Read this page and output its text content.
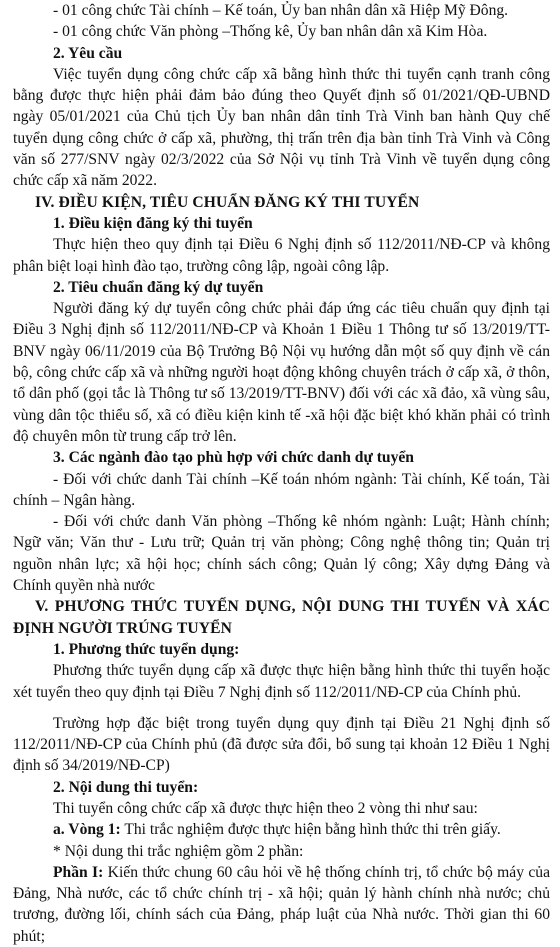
- 01 công chức Tài chính – Kế toán, Ủy ban nhân dân xã Hiệp Mỹ Đông.

- 01 công chức Văn phòng –Thống kê, Ủy ban nhân dân xã Kim Hòa.

2. Yêu cầu

Việc tuyển dụng công chức cấp xã bằng hình thức thi tuyển cạnh tranh công bằng được thực hiện phải đảm bảo đúng theo Quyết định số 01/2021/QĐ-UBND ngày 05/01/2021 của Chủ tịch Ủy ban nhân dân tỉnh Trà Vinh ban hành Quy chế tuyển dụng công chức ở cấp xã, phường, thị trấn trên địa bàn tỉnh Trà Vinh và Công văn số 277/SNV ngày 02/3/2022 của Sở Nội vụ tỉnh Trà Vinh về tuyển dụng công chức cấp xã năm 2022.

IV. ĐIỀU KIỆN, TIÊU CHUẨN ĐĂNG KÝ THI TUYỂN

1. Điều kiện đăng ký thi tuyển

Thực hiện theo quy định tại Điều 6 Nghị định số 112/2011/NĐ-CP và không phân biệt loại hình đào tạo, trường công lập, ngoài công lập.

2. Tiêu chuẩn đăng ký dự tuyển

Người đăng ký dự tuyển công chức phải đáp ứng các tiêu chuẩn quy định tại Điều 3 Nghị định số 112/2011/NĐ-CP và Khoản 1 Điều 1 Thông tư số 13/2019/TT-BNV ngày 06/11/2019 của Bộ Trưởng Bộ Nội vụ hướng dẫn một số quy định về cán bộ, công chức cấp xã và những người hoạt động không chuyên trách ở cấp xã, ở thôn, tổ dân phố (gọi tắc là Thông tư số 13/2019/TT-BNV) đối với các xã đảo, xã vùng sâu, vùng dân tộc thiểu số, xã có điều kiện kinh tế -xã hội đặc biệt khó khăn phải có trình độ chuyên môn từ trung cấp trở lên.

3. Các ngành đào tạo phù hợp với chức danh dự tuyển

- Đối với chức danh Tài chính –Kế toán nhóm ngành: Tài chính, Kế toán, Tài chính – Ngân hàng.

- Đối với chức danh Văn phòng –Thống kê nhóm ngành: Luật; Hành chính; Ngữ văn; Văn thư - Lưu trữ; Quản trị văn phòng; Công nghệ thông tin; Quản trị nguồn nhân lực; xã hội học; chính sách công; Quản lý công; Xây dựng Đảng và Chính quyền nhà nước

V. PHƯƠNG THỨC TUYỂN DỤNG, NỘI DUNG THI TUYỂN VÀ XÁC ĐỊNH NGƯỜI TRÚNG TUYỂN

1. Phương thức tuyển dụng:

Phương thức tuyển dụng cấp xã được thực hiện bằng hình thức thi tuyển hoặc xét tuyển theo quy định tại Điều 7 Nghị định số 112/2011/NĐ-CP của Chính phủ.

Trường hợp đặc biệt trong tuyển dụng quy định tại Điều 21 Nghị định số 112/2011/NĐ-CP của Chính phủ (đã được sửa đổi, bổ sung tại khoản 12 Điều 1 Nghị định số 34/2019/NĐ-CP)

2. Nội dung thi tuyển:

Thi tuyển công chức cấp xã được thực hiện theo 2 vòng thi như sau:

a. Vòng 1: Thi trắc nghiệm được thực hiện bằng hình thức thi trên giấy.

* Nội dung thi trắc nghiệm gồm 2 phần:

Phần I: Kiến thức chung 60 câu hỏi về hệ thống chính trị, tổ chức bộ máy của Đảng, Nhà nước, các tổ chức chính trị - xã hội; quản lý hành chính nhà nước; chủ trương, đường lối, chính sách của Đảng, pháp luật của Nhà nước. Thời gian thi 60 phút;
